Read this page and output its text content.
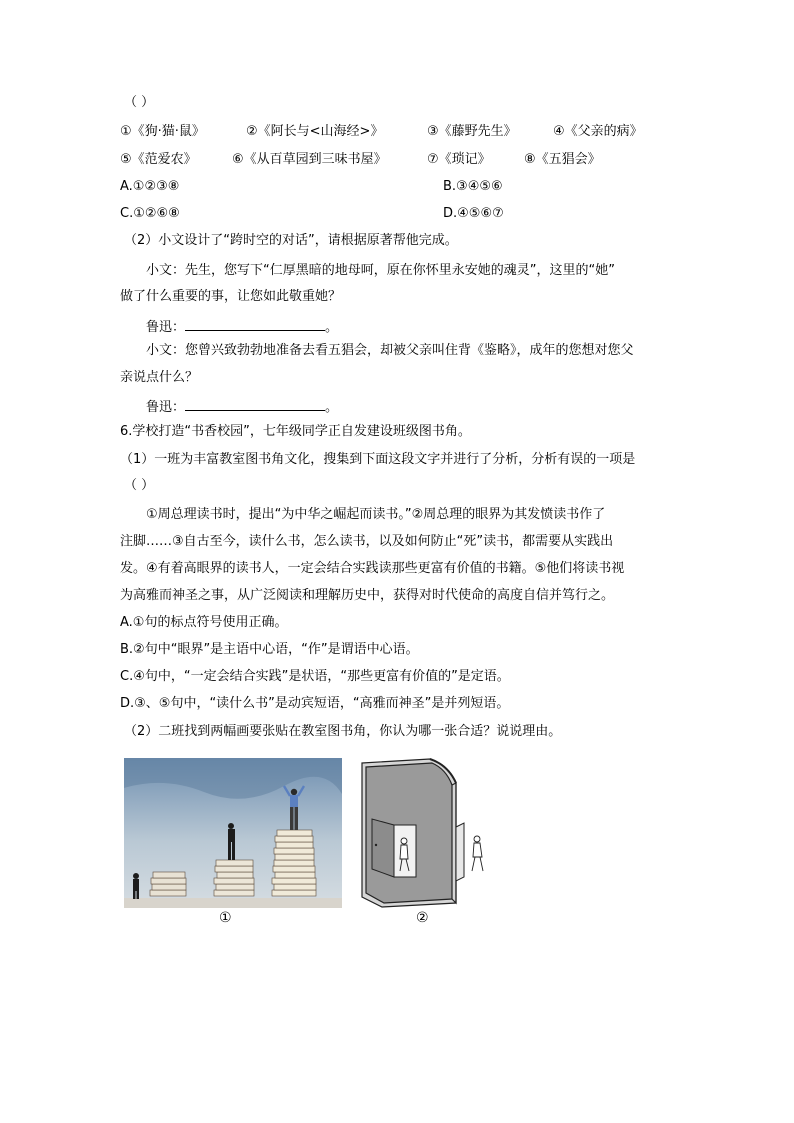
（ ）
①《狗·猫·鼠》	②《阿长与<山海经>》	③《藤野先生》	④《父亲的病》
⑤《范爱农》	⑥《从百草园到三味书屋》	⑦《琐记》	⑧《五猖会》
A.①②③⑧	B.③④⑤⑥
C.①②⑥⑧	D.④⑤⑥⑦
（2）小文设计了“跨时空的对话”，请根据原著帮他完成。
小文：先生，您写下“仁厚黑暗的地母呵，原在你怀里永安她的魂灵”，这里的“她”
做了什么重要的事，让您如此敬重她？
鲁迅：	。
小文：您曾兴致勃勃地准备去看五猖会，却被父亲叫住背《鉴略》，成年的您想对您父
亲说点什么？
鲁迅：	。
6.学校打造“书香校园”，七年级同学正自发建设班级图书角。
（1）一班为丰富教室图书角文化，搜集到下面这段文字并进行了分析，分析有误的一项是
（ ）
①周总理读书时，提出“为中华之崛起而读书。”②周总理的眼界为其发愤读书作了
注脚……③自古至今，读什么书，怎么读书，以及如何防止“死”读书，都需要从实践出
发。④有着高眼界的读书人，一定会结合实践读那些更富有价值的书籍。⑤他们将读书视
为高雅而神圣之事，从广泛阅读和理解历史中，获得对时代使命的高度自信并笃行之。
A.①句的标点符号使用正确。
B.②句中“眼界”是主语中心语，“作”是谓语中心语。
C.④句中，“一定会结合实践”是状语，“那些更富有价值的”是定语。
D.③、⑤句中，“读什么书”是动宾短语，“高雅而神圣”是并列短语。
（2）二班找到两幅画要张贴在教室图书角，你认为哪一张合适？说说理由。
①	②
